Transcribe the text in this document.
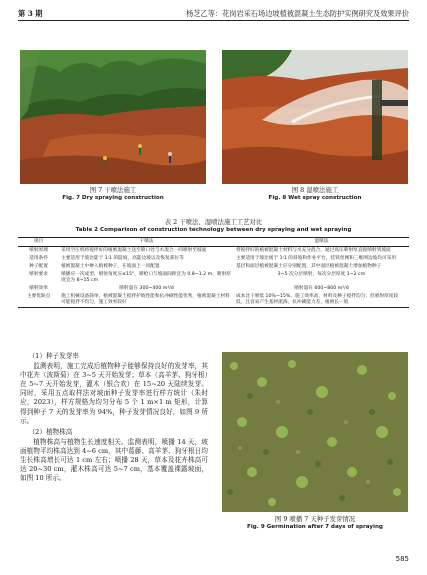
第 3 期	杨芝乙等：花岗岩采石场边坡植被混凝土生态防护实例研究及效果评价
图 7 干喷法施工
Fig. 7 Dry spraying construction
图 8 湿喷法施工
Fig. 8 Wet spray construction
表 2 干喷法、湿喷法施工工艺对比
Table 2 Comparison of construction technology between dry spraying and wet spraying
项目	干喷法	湿喷法
喷射原理	采用空压机将搅拌好的植被混凝土送至喷口处与水混合一同喷射至坡面	将搅拌好的植被混凝土材料与水充分混合，通过高压喷射泵直接喷射到坡面
适用条件	主要适用于坡比陡于 1∶1 的陡坡，高陡边坡以及恢复部位等	主要适用于坡比缓于 1∶1 的斜坡和作业平台，挂铁丝网和三维网边坡均可采用
种子配置	植被混凝土中掺入植被种子，在坡面上一同配置	基层和面层植被混凝土应分别配置，其中面层植被混凝土增加植物种子
喷射要求	喷播应一次成型，喷射角度应≤15°，喷枪口与坡面间距宜为 0.8~1.2 m，喷射厚度宜为 8~15 cm	3~5 次分层喷射，每次分层厚度 1~2 cm
喷射效率	喷射量在 300~400 m³/d	喷射量在 600~800 m³/d
主要优缺点	施工机械设备简单，植被混凝土搅拌护坡性能和抗冲刷性能优秀，植被混凝土材料可能搅拌不均匀，施工效率较好	成本比干喷低 10%~15%，施工效率高，材料及种子搅拌均匀；但喷射厚度较低，且容易产生基材流淌，抗冲刷能力差，植被长一般
（1）种子发芽率

监测表明，施工完成后植物种子能够保持良好的发芽率，其中花卉（波斯菊）在 3~5 天开始发芽；草本（高羊茅、狗牙根）在 5~7 天开始发芽，灌木（银合欢）在 15~20 天陆续发芽。同时，采用五点取样法对坡面种子发芽率进行样方统计（朱时应，2023），样方规格为均匀分布 5 个 1 m×1 m 矩形，计算得到种子 7 天的发芽率为 94%，种子发芽情况良好，如图 9 所示。

（2）植物株高

植物株高与植物生长速度相关。监测表明，喷播 14 天，坡面植物平均株高达到 4~6 cm，其中葛藤、高羊茅、狗牙根日均生长株高增长可达 1 cm 左右；喷播 28 天，草本及花卉株高可达 20~30 cm，灌木株高可达 5~7 cm，基本覆盖裸露坡面，如图 10 所示。

图 9 喷播 7 天种子发芽情况
Fig. 9 Germination after 7 days of spraying
585
